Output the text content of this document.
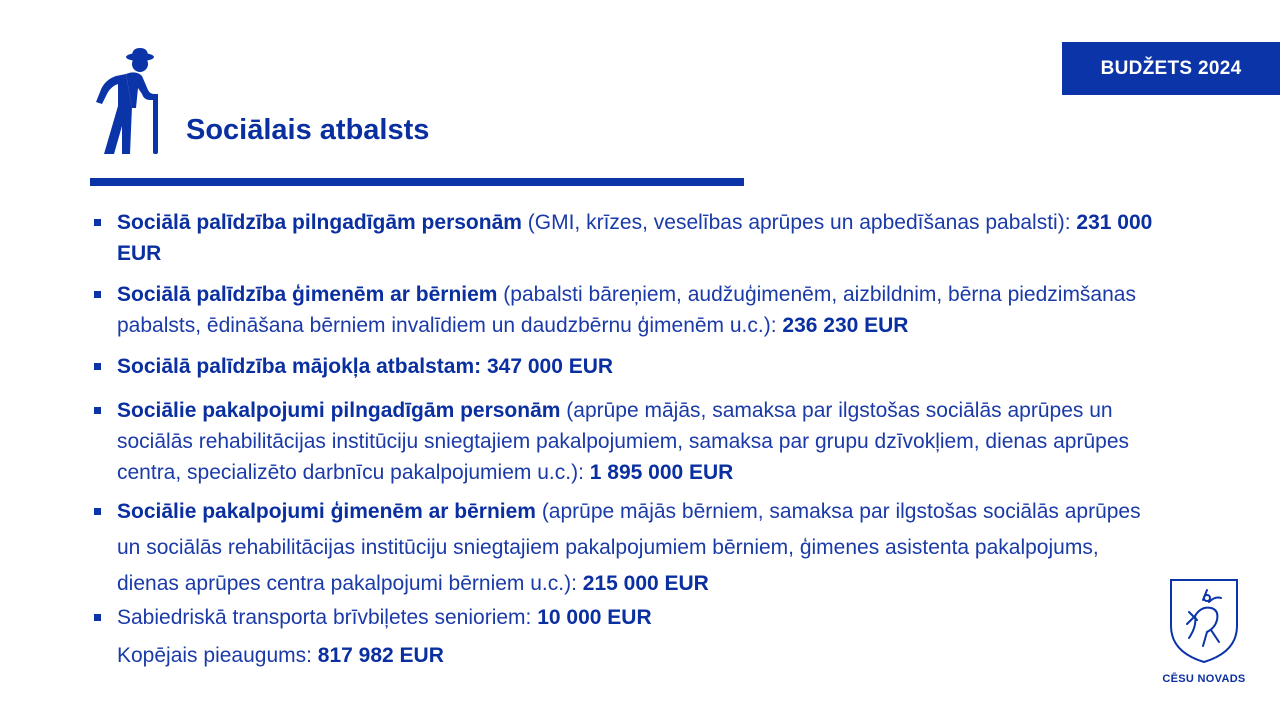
BUDŽETS 2024
Sociālais atbalsts
Sociālā palīdzība pilngadīgām personām (GMI, krīzes, veselības aprūpes un apbedīšanas pabalsti): 231 000 EUR
Sociālā palīdzība ģimenēm ar bērniem (pabalsti bāreņiem, audžuģimenēm, aizbildnim, bērna piedzimšanas pabalsts, ēdināšana bērniem invalīdiem un daudzbērnu ģimenēm u.c.): 236 230 EUR
Sociālā palīdzība mājokļa atbalstam: 347 000 EUR
Sociālie pakalpojumi pilngadīgām personām (aprūpe mājās, samaksa par ilgstošas sociālās aprūpes un sociālās rehabilitācijas institūciju sniegtajiem pakalpojumiem, samaksa par grupu dzīvokļiem, dienas aprūpes centra, specializēto darbnīcu pakalpojumiem u.c.): 1 895 000 EUR
Sociālie pakalpojumi ģimenēm ar bērniem (aprūpe mājās bērniem, samaksa par ilgstošas sociālās aprūpes un sociālās rehabilitācijas institūciju sniegtajiem pakalpojumiem bērniem, ģimenes asistenta pakalpojums, dienas aprūpes centra pakalpojumi bērniem u.c.): 215 000 EUR
Sabiedriskā transporta brīvbiļetes senioriem: 10 000 EUR

Kopējais pieaugums: 817 982 EUR

CĒSU NOVADS
